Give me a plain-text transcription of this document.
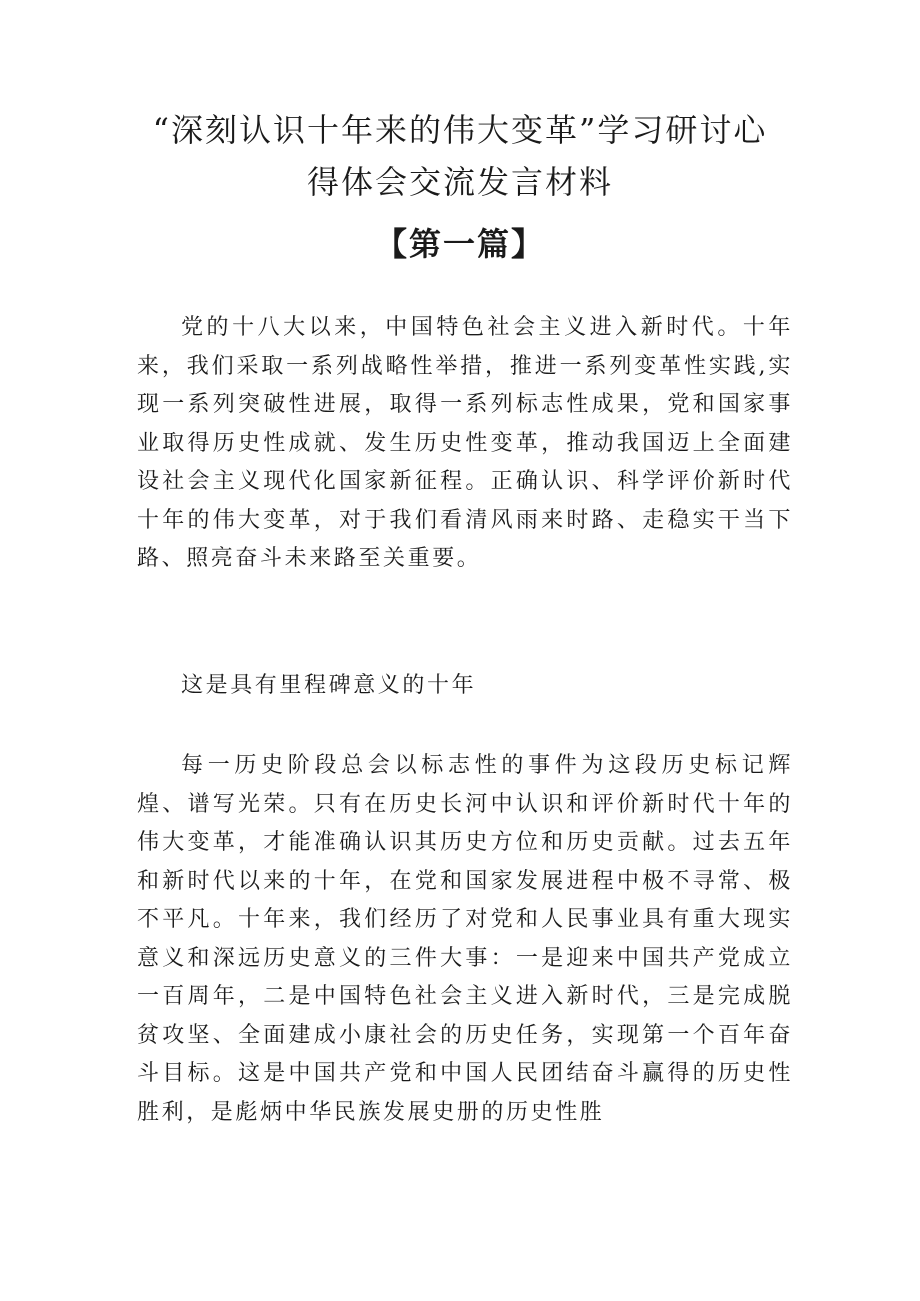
“深刻认识十年来的伟大变革”学习研讨心
得体会交流发言材料
【第一篇】

党的十八大以来，中国特色社会主义进入新时代。十年来，我们采取一系列战略性举措，推进一系列变革性实践,实现一系列突破性进展，取得一系列标志性成果，党和国家事业取得历史性成就、发生历史性变革，推动我国迈上全面建设社会主义现代化国家新征程。正确认识、科学评价新时代十年的伟大变革，对于我们看清风雨来时路、走稳实干当下路、照亮奋斗未来路至关重要。

这是具有里程碑意义的十年

每一历史阶段总会以标志性的事件为这段历史标记辉煌、谱写光荣。只有在历史长河中认识和评价新时代十年的伟大变革，才能准确认识其历史方位和历史贡献。过去五年和新时代以来的十年，在党和国家发展进程中极不寻常、极不平凡。十年来，我们经历了对党和人民事业具有重大现实意义和深远历史意义的三件大事：一是迎来中国共产党成立一百周年，二是中国特色社会主义进入新时代，三是完成脱贫攻坚、全面建成小康社会的历史任务，实现第一个百年奋斗目标。这是中国共产党和中国人民团结奋斗赢得的历史性胜利，是彪炳中华民族发展史册的历史性胜
